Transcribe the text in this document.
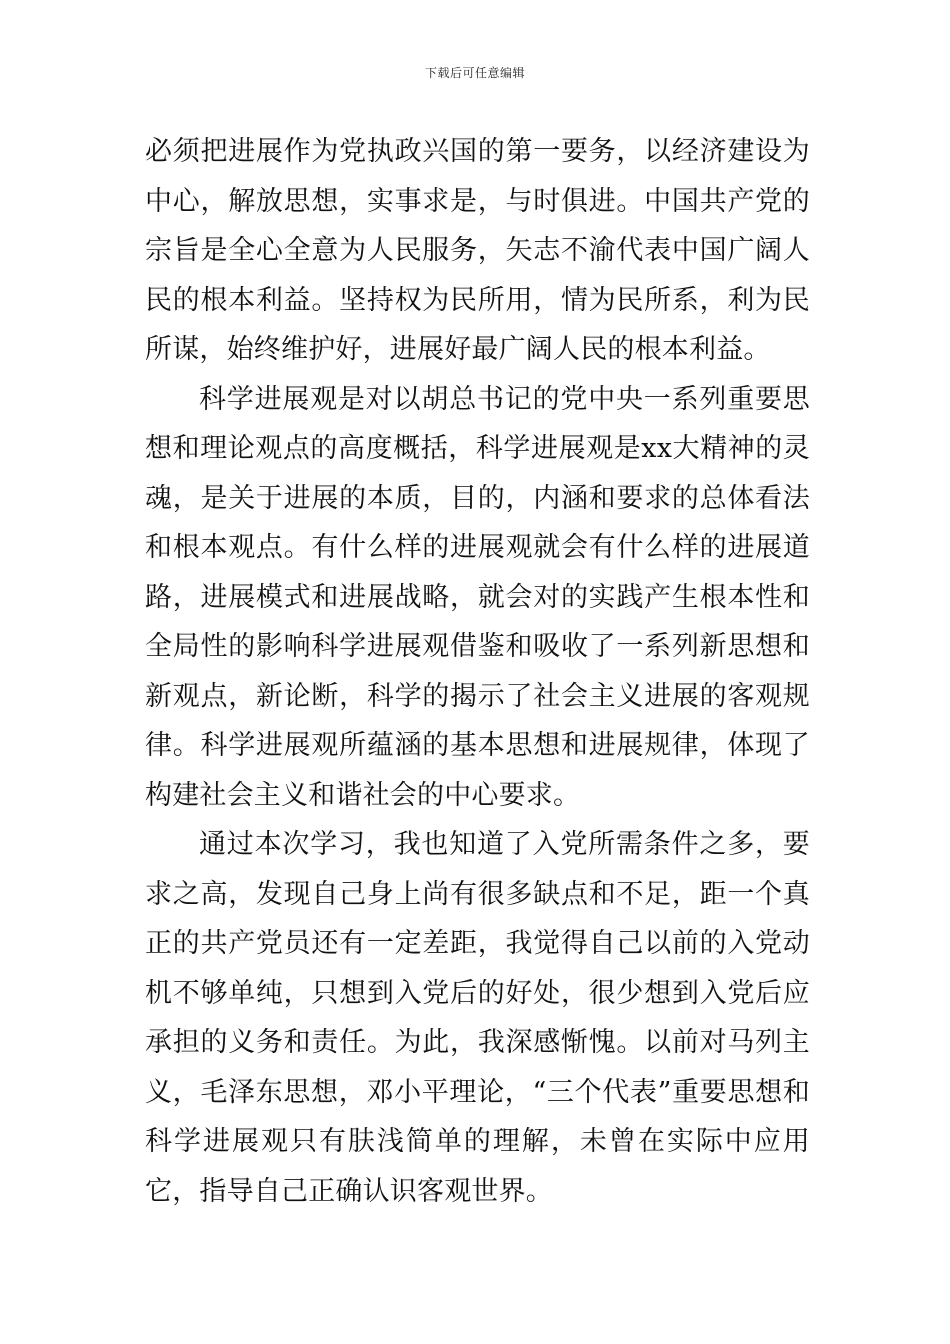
下载后可任意编辑

必须把进展作为党执政兴国的第一要务，以经济建设为中心，解放思想，实事求是，与时俱进。中国共产党的宗旨是全心全意为人民服务，矢志不渝代表中国广阔人民的根本利益。坚持权为民所用，情为民所系，利为民所谋，始终维护好，进展好最广阔人民的根本利益。

科学进展观是对以胡总书记的党中央一系列重要思想和理论观点的高度概括，科学进展观是xx大精神的灵魂，是关于进展的本质，目的，内涵和要求的总体看法和根本观点。有什么样的进展观就会有什么样的进展道路，进展模式和进展战略，就会对的实践产生根本性和全局性的影响科学进展观借鉴和吸收了一系列新思想和新观点，新论断，科学的揭示了社会主义进展的客观规律。科学进展观所蕴涵的基本思想和进展规律，体现了构建社会主义和谐社会的中心要求。

通过本次学习，我也知道了入党所需条件之多，要求之高，发现自己身上尚有很多缺点和不足，距一个真正的共产党员还有一定差距，我觉得自己以前的入党动机不够单纯，只想到入党后的好处，很少想到入党后应承担的义务和责任。为此，我深感惭愧。以前对马列主义，毛泽东思想，邓小平理论，“三个代表”重要思想和科学进展观只有肤浅简单的理解，未曾在实际中应用它，指导自己正确认识客观世界。
